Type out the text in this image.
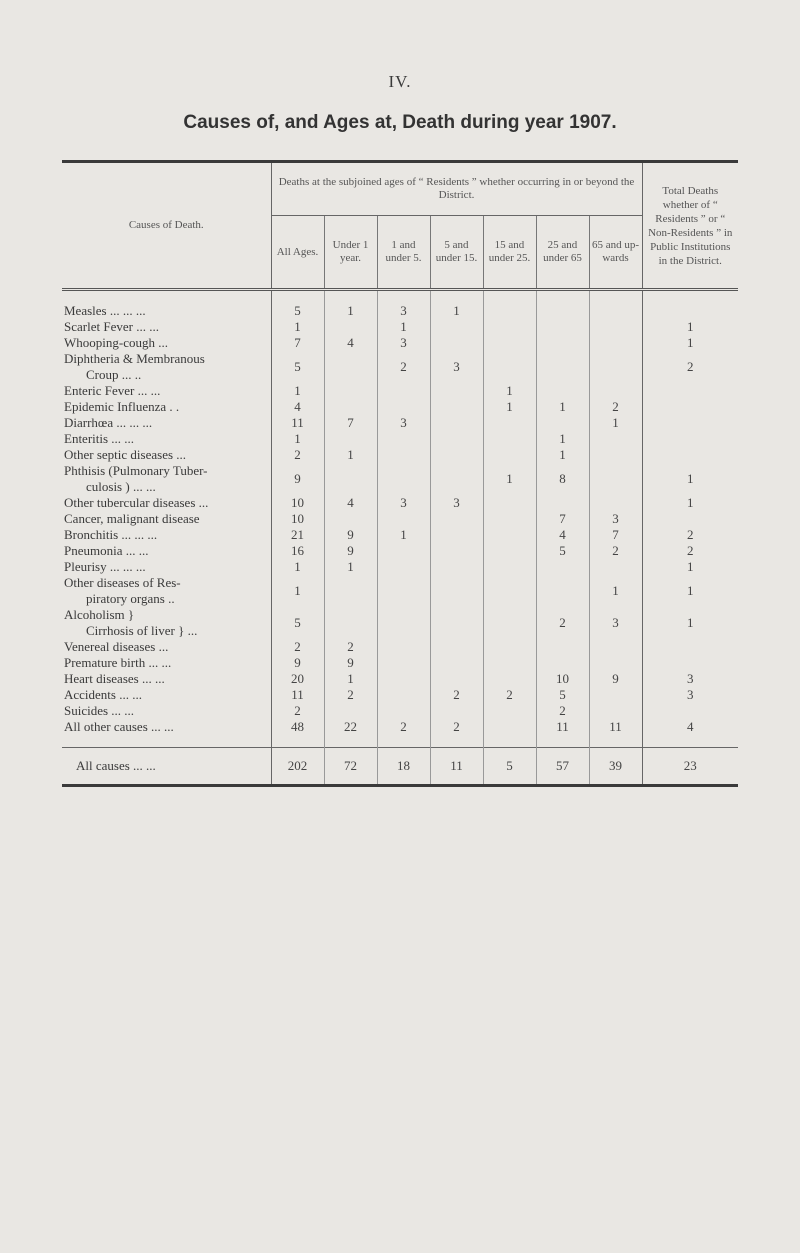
IV.
Causes of, and Ages at, Death during year 1907.

Causes of Death.	Deaths at the subjoined ages of “ Residents ” whether occurring in or beyond the District.							Total Deaths whether of “ Residents ” or “ Non-Residents ” in Public Institutions in the District.
	All Ages.	Under 1 year.	1 and under 5.	5 and under 15.	15 and under 25.	25 and under 65	65 and up-wards	

Measles ... ... ...	5	1	3	1				
Scarlet Fever ... ...	1		1					1
Whooping-cough ...	7	4	3					1
Diphtheria & Membranous
Croup ... ..	5		2	3				2
Enteric Fever ... ...	1				1			
Epidemic Influenza . .	4				1	1	2	
Diarrhœa ... ... ...	11	7	3				1	
Enteritis ... ...	1					1		
Other septic diseases ...	2	1				1		
Phthisis (Pulmonary Tuber-
culosis ) ... ...	9				1	8		1
Other tubercular diseases ...	10	4	3	3				1
Cancer, malignant disease	10					7	3	
Bronchitis ... ... ...	21	9	1			4	7	2
Pneumonia ... ...	16	9				5	2	2
Pleurisy ... ... ...	1	1						1
Other diseases of Res-
piratory organs ..	1						1	1
Alcoholism }
Cirrhosis of liver } ...	5					2	3	1
Venereal diseases ...	2	2						
Premature birth ... ...	9	9						
Heart diseases ... ...	20	1				10	9	3
Accidents ... ...	11	2		2	2	5		3
Suicides ... ...	2					2		
All other causes ... ...	48	22	2	2		11	11	4

All causes ... ...	202	72	18	11	5	57	39	23
